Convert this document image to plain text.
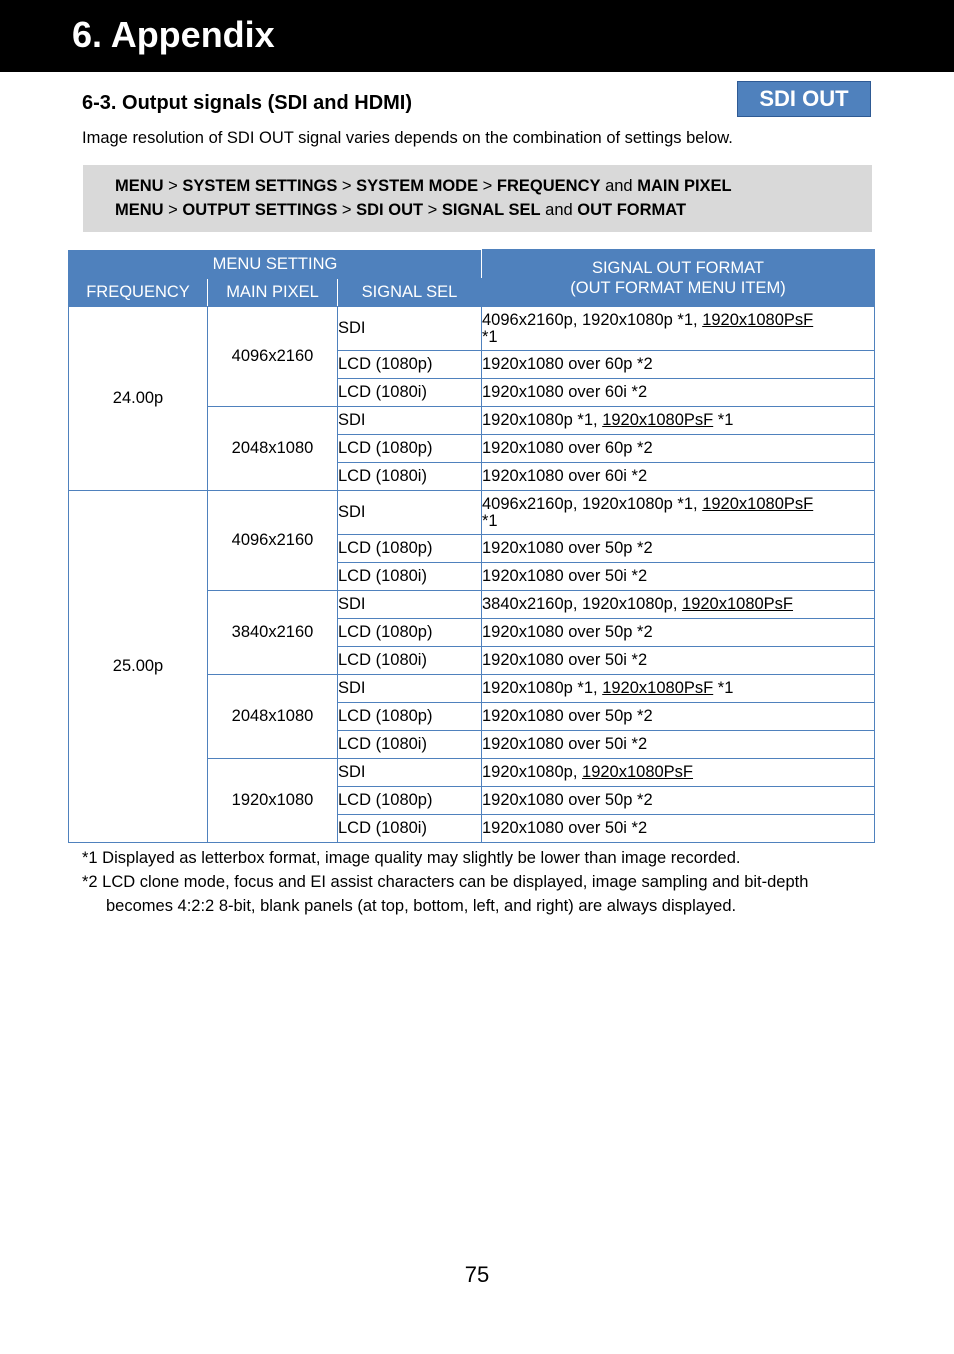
6. Appendix
6-3. Output signals (SDI and HDMI)	SDI OUT
Image resolution of SDI OUT signal varies depends on the combination of settings below.
MENU > SYSTEM SETTINGS > SYSTEM MODE > FREQUENCY and MAIN PIXEL
MENU > OUTPUT SETTINGS > SDI OUT > SIGNAL SEL and OUT FORMAT
MENU SETTING			SIGNAL OUT FORMAT
(OUT FORMAT MENU ITEM)
FREQUENCY	MAIN PIXEL	SIGNAL SEL	
24.00p	4096x2160	SDI	4096x2160p, 1920x1080p *1, 1920x1080PsF
*1
		LCD (1080p)	1920x1080 over 60p *2
		LCD (1080i)	1920x1080 over 60i *2
	2048x1080	SDI	1920x1080p *1, 1920x1080PsF *1
		LCD (1080p)	1920x1080 over 60p *2
		LCD (1080i)	1920x1080 over 60i *2
25.00p	4096x2160	SDI	4096x2160p, 1920x1080p *1, 1920x1080PsF
*1
		LCD (1080p)	1920x1080 over 50p *2
		LCD (1080i)	1920x1080 over 50i *2
	3840x2160	SDI	3840x2160p, 1920x1080p, 1920x1080PsF
		LCD (1080p)	1920x1080 over 50p *2
		LCD (1080i)	1920x1080 over 50i *2
	2048x1080	SDI	1920x1080p *1, 1920x1080PsF *1
		LCD (1080p)	1920x1080 over 50p *2
		LCD (1080i)	1920x1080 over 50i *2
	1920x1080	SDI	1920x1080p, 1920x1080PsF
		LCD (1080p)	1920x1080 over 50p *2
		LCD (1080i)	1920x1080 over 50i *2
*1 Displayed as letterbox format, image quality may slightly be lower than image recorded.
*2 LCD clone mode, focus and EI assist characters can be displayed, image sampling and bit-depth
becomes 4:2:2 8-bit, blank panels (at top, bottom, left, and right) are always displayed.
75
